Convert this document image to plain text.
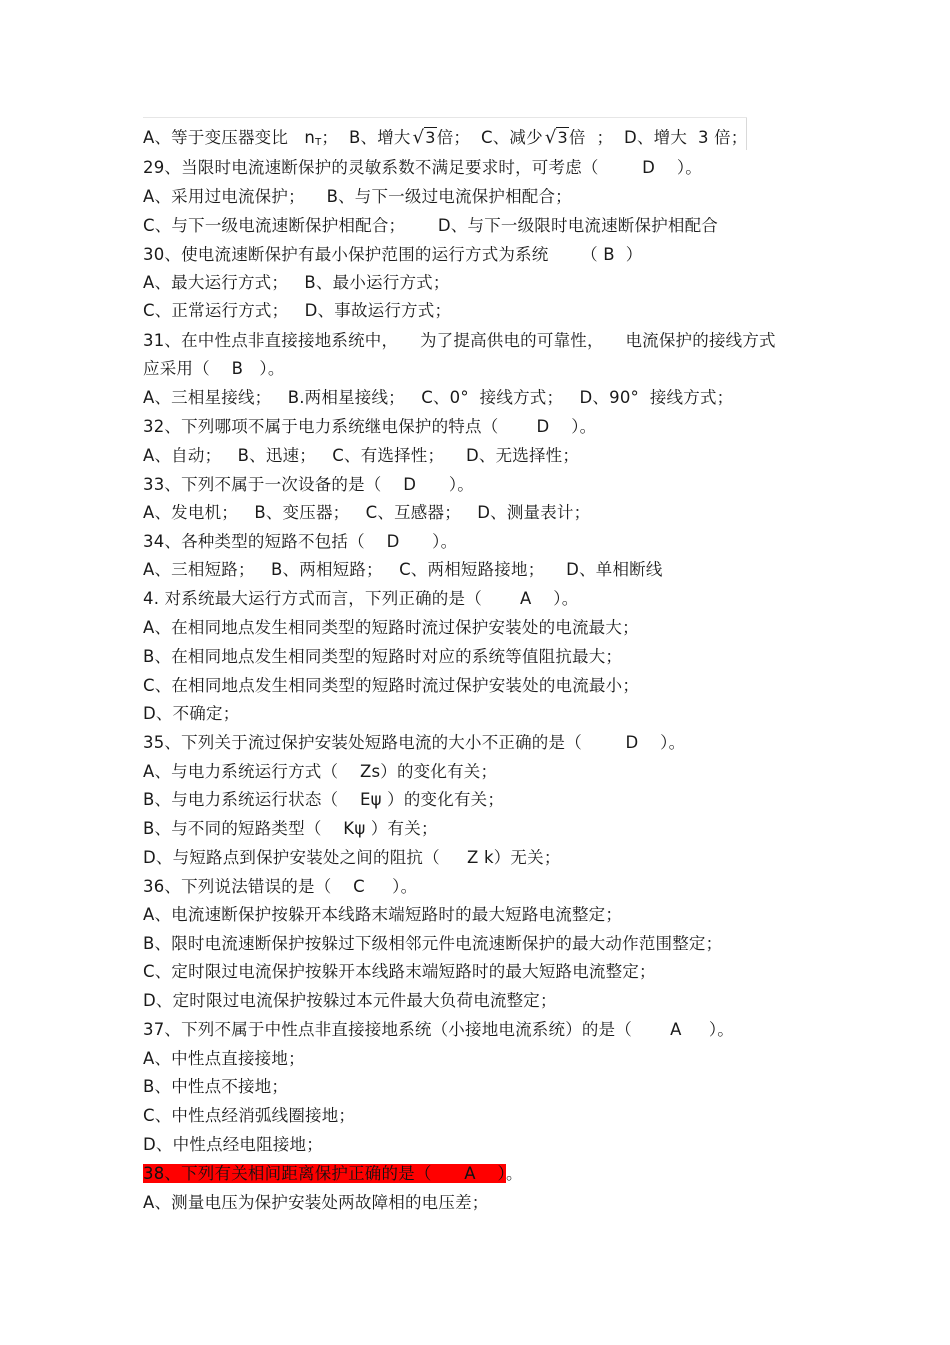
A、等于变压器变比   $n_T$；  B、增大 √3倍；  C、减少 √3倍  ；  D、增大  3 倍；
29、当限时电流速断保护的灵敏系数不满足要求时，可考虑（        D    ）。
A、采用过电流保护；    B、与下一级过电流保护相配合；
C、与下一级电流速断保护相配合；      D、与下一级限时电流速断保护相配合
30、使电流速断保护有最小保护范围的运行方式为系统      （ B  ）
A、最大运行方式；   B、最小运行方式；
C、正常运行方式；   D、事故运行方式；
31、在中性点非直接接地系统中，    为了提高供电的可靠性，    电流保护的接线方式
应采用（    B   ）。
A、三相星接线；   B.两相星接线；   C、0°  接线方式；   D、90°  接线方式；
32、下列哪项不属于电力系统继电保护的特点（       D    ）。
A、自动；   B、迅速；   C、有选择性；    D、无选择性；
33、下列不属于一次设备的是（    D      ）。
A、发电机；   B、变压器；   C、互感器；   D、测量表计；
34、各种类型的短路不包括（    D      ）。
A、三相短路；   B、两相短路；   C、两相短路接地；    D、单相断线
4. 对系统最大运行方式而言，下列正确的是（       A    ）。
A、在相同地点发生相同类型的短路时流过保护安装处的电流最大；
B、在相同地点发生相同类型的短路时对应的系统等值阻抗最大；
C、在相同地点发生相同类型的短路时流过保护安装处的电流最小；
D、不确定；
35、下列关于流过保护安装处短路电流的大小不正确的是（        D    ）。
A、与电力系统运行方式（    Zs）的变化有关；
B、与电力系统运行状态（    Eψ ）的变化有关；
B、与不同的短路类型（    Kψ ）有关；
D、与短路点到保护安装处之间的阻抗（     Z k）无关；
36、下列说法错误的是（    C     ）。
A、电流速断保护按躲开本线路末端短路时的最大短路电流整定；
B、限时电流速断保护按躲过下级相邻元件电流速断保护的最大动作范围整定；
C、定时限过电流保护按躲开本线路末端短路时的最大短路电流整定；
D、定时限过电流保护按躲过本元件最大负荷电流整定；
37、下列不属于中性点非直接接地系统（小接地电流系统）的是（       A     ）。
A、中性点直接接地；
B、中性点不接地；
C、中性点经消弧线圈接地；
D、中性点经电阻接地；
38、下列有关相间距离保护正确的是（      A    ）。
A、测量电压为保护安装处两故障相的电压差；
